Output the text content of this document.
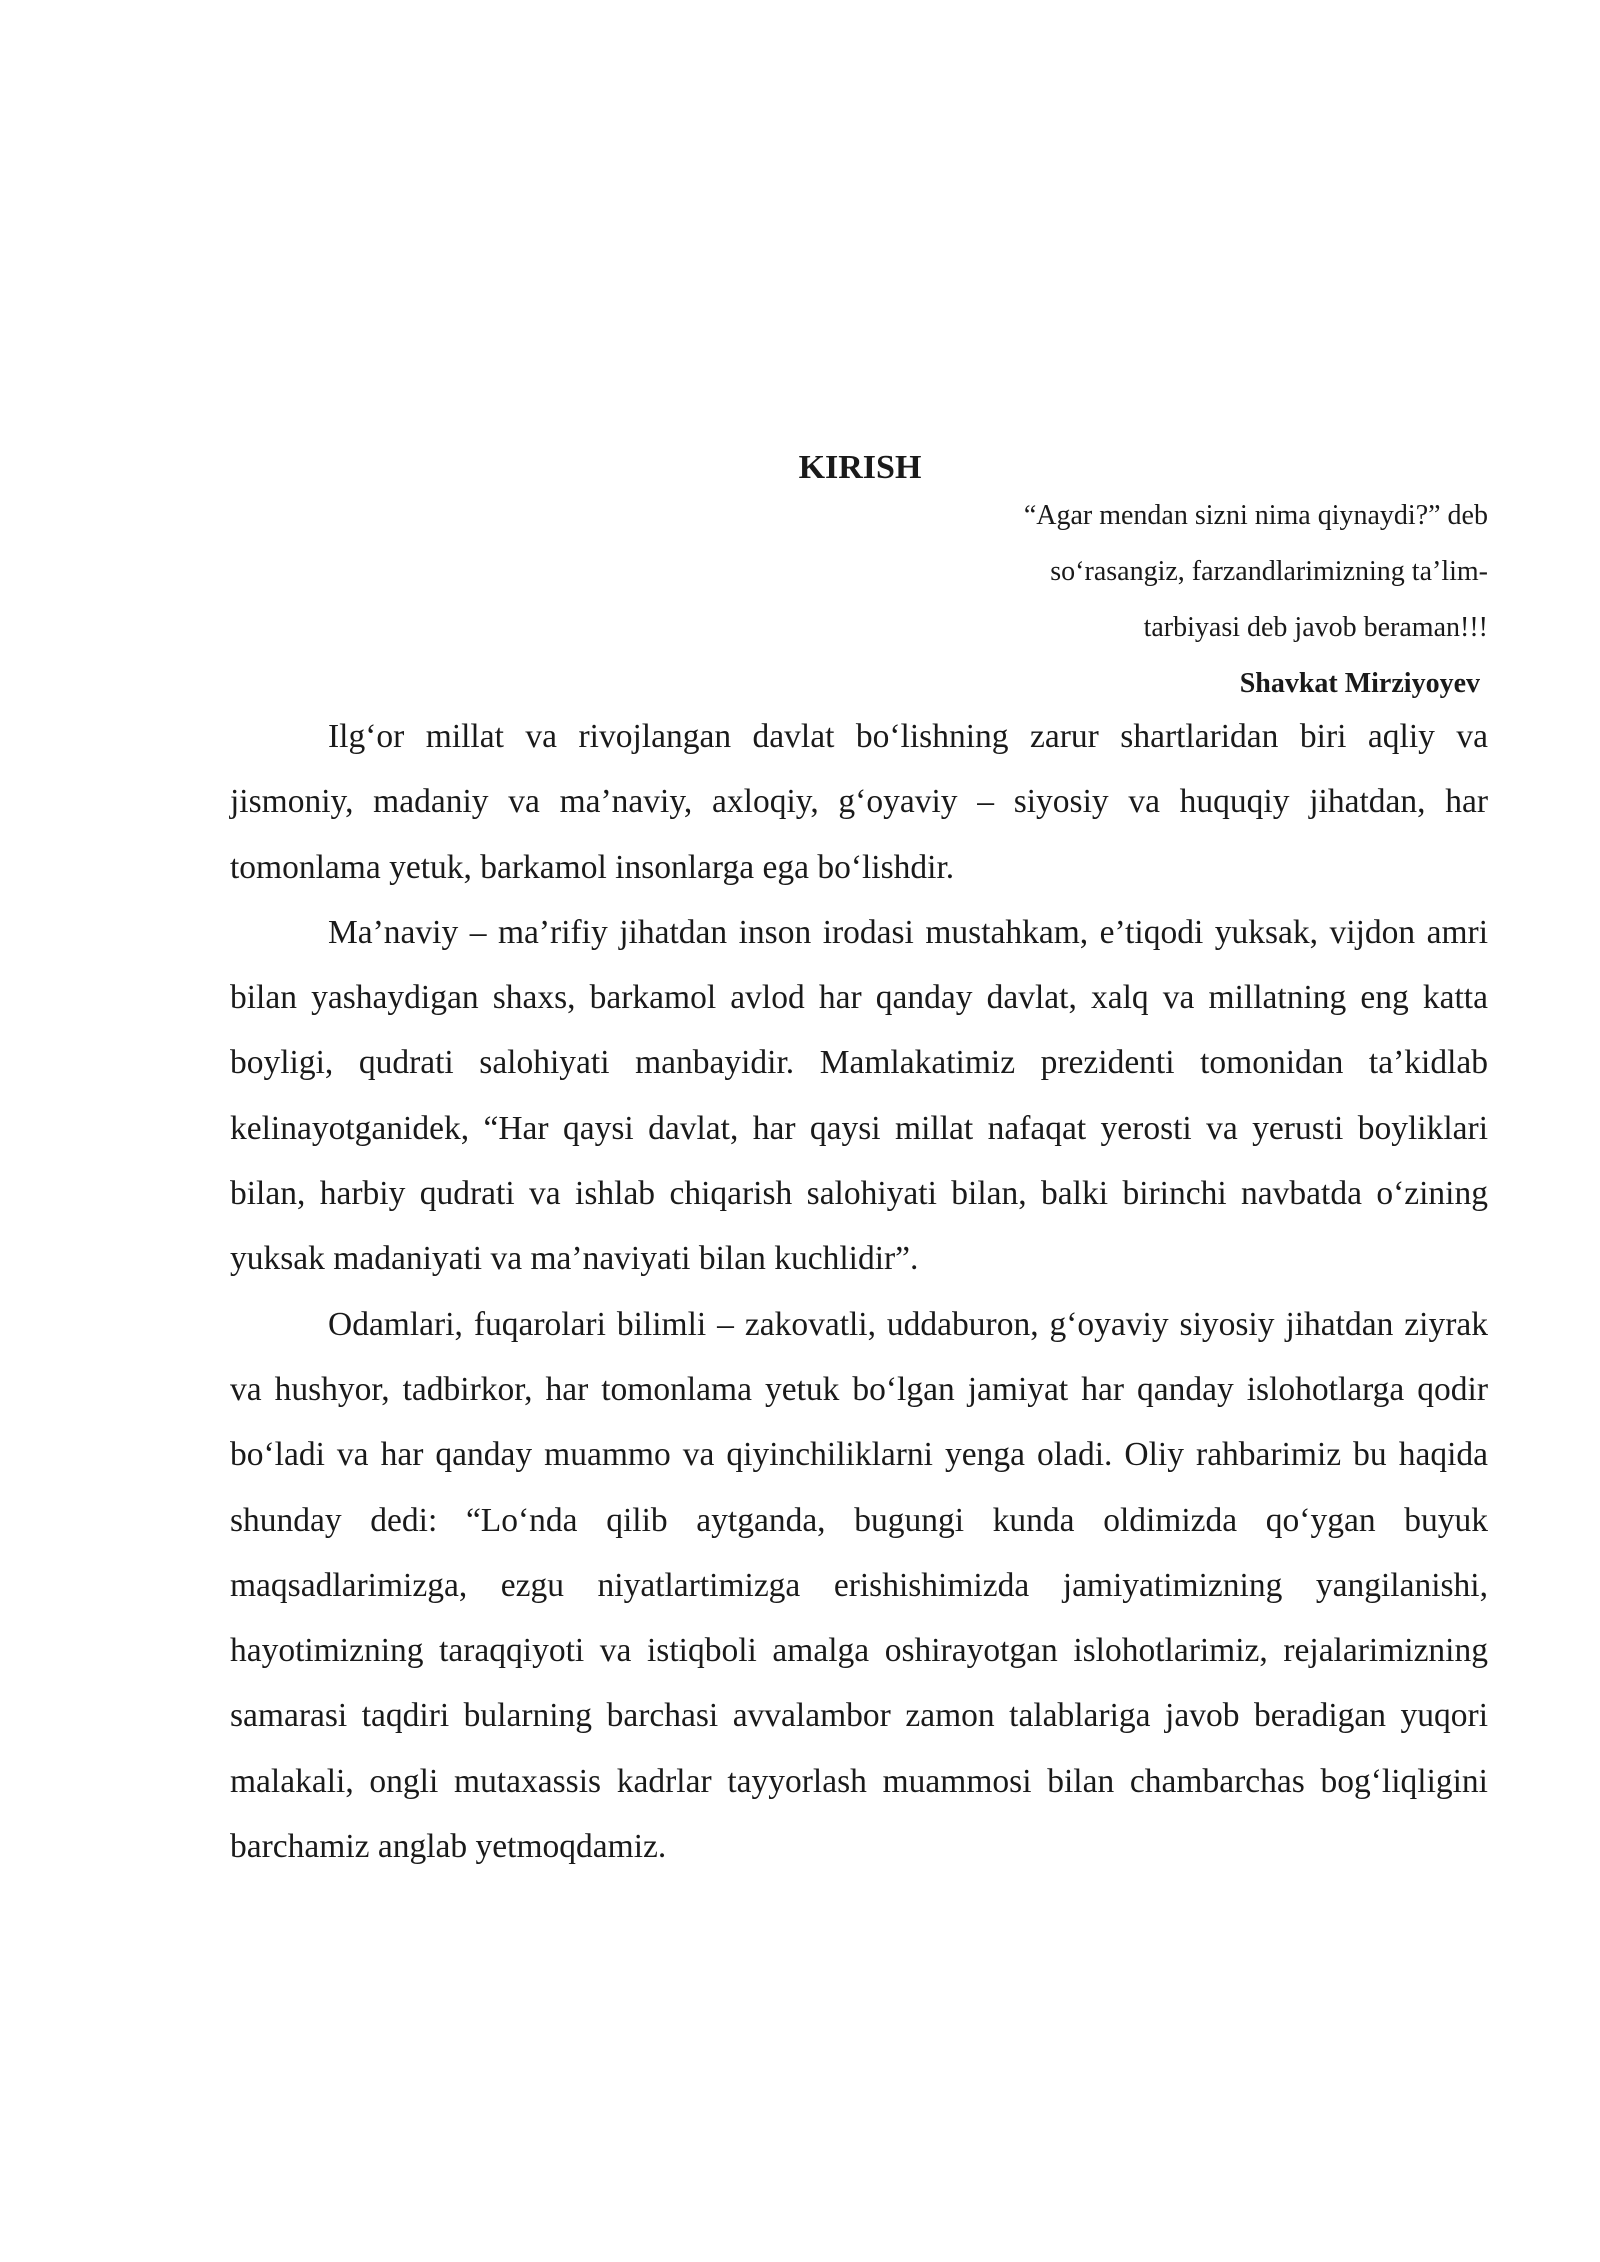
KIRISH
“Agar mendan sizni nima qiynaydi?” deb
so‘rasangiz, farzandlarimizning ta’lim-
tarbiyasi deb javob beraman!!!
Shavkat Mirziyoyev

Ilg‘or millat va rivojlangan davlat bo‘lishning zarur shartlaridan biri aqliy va jismoniy, madaniy va ma’naviy, axloqiy, g‘oyaviy – siyosiy va huquqiy jihatdan, har tomonlama yetuk, barkamol insonlarga ega bo‘lishdir.

Ma’naviy – ma’rifiy jihatdan inson irodasi mustahkam, e’tiqodi yuksak, vijdon amri bilan yashaydigan shaxs, barkamol avlod har qanday davlat, xalq va millatning eng katta boyligi, qudrati salohiyati manbayidir. Mamlakatimiz prezidenti tomonidan ta’kidlab kelinayotganidek, “Har qaysi davlat, har qaysi millat nafaqat yerosti va yerusti boyliklari bilan, harbiy qudrati va ishlab chiqarish salohiyati bilan, balki birinchi navbatda o‘zining yuksak madaniyati va ma’naviyati bilan kuchlidir”.

Odamlari, fuqarolari bilimli – zakovatli, uddaburon, g‘oyaviy siyosiy jihatdan ziyrak va hushyor, tadbirkor, har tomonlama yetuk bo‘lgan jamiyat har qanday islohotlarga qodir bo‘ladi va har qanday muammo va qiyinchiliklarni yenga oladi. Oliy rahbarimiz bu haqida shunday dedi: “Lo‘nda qilib aytganda, bugungi kunda oldimizda qo‘ygan buyuk maqsadlarimizga, ezgu niyatlartimizga erishishimizda jamiyatimizning yangilanishi, hayotimizning taraqqiyoti va istiqboli amalga oshirayotgan islohotlarimiz, rejalarimizning samarasi taqdiri bularning barchasi avvalambor zamon talablariga javob beradigan yuqori malakali, ongli mutaxassis kadrlar tayyorlash muammosi bilan chambarchas bog‘liqligini barchamiz anglab yetmoqdamiz.
